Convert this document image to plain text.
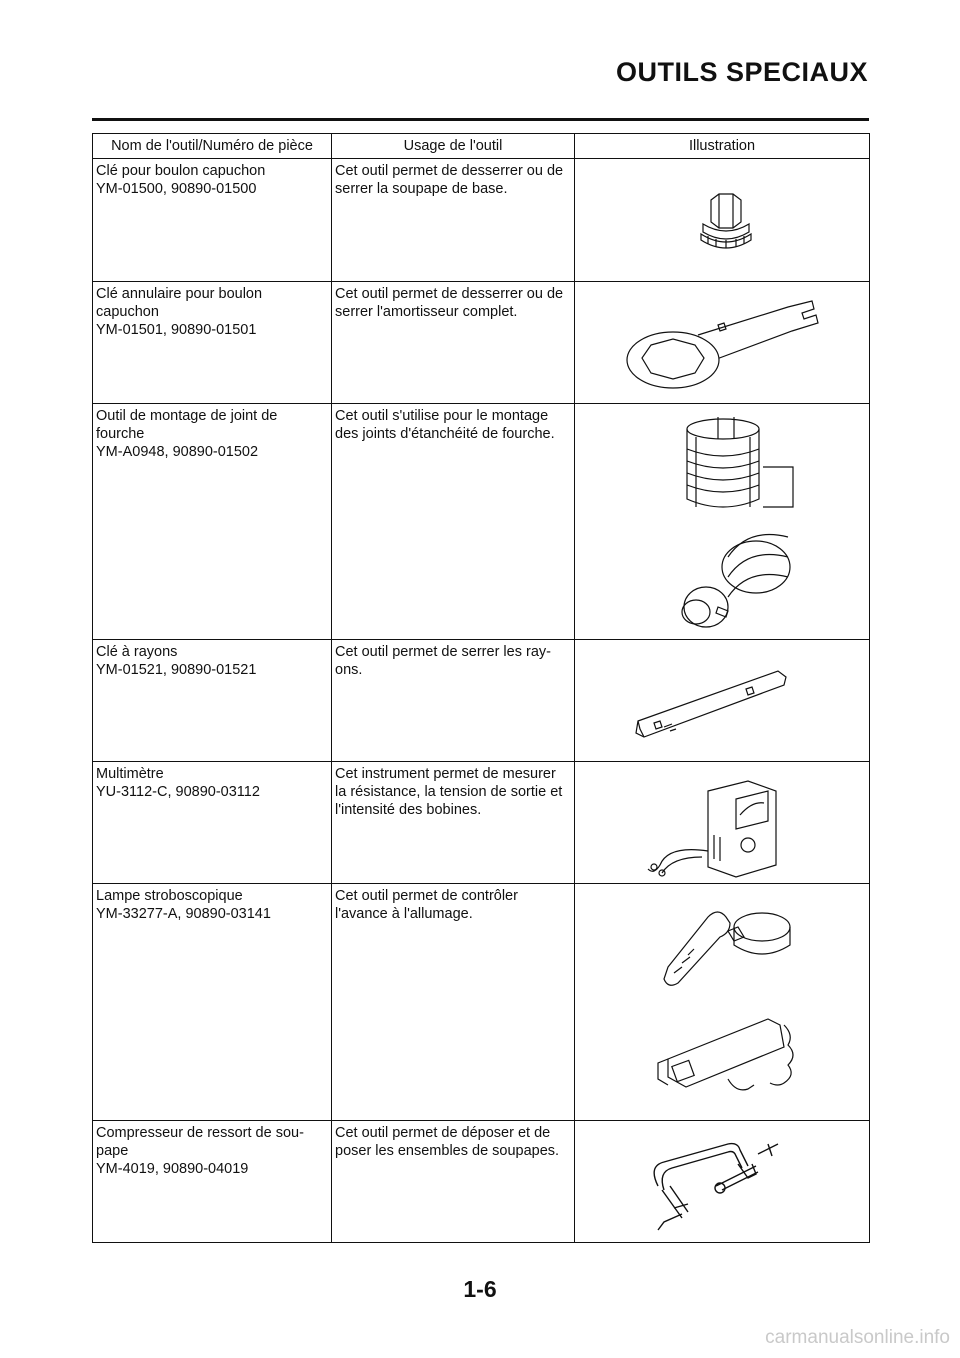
OUTILS SPECIAUX
Nom de l'outil/Numéro de pièce	Usage de l'outil	Illustration

Clé pour boulon capuchon
YM-01500, 90890-01500	Cet outil permet de desserrer ou de
serrer la soupape de base.

Clé annulaire pour boulon capuchon
YM-01501, 90890-01501	Cet outil permet de desserrer ou de
serrer l'amortisseur complet.

Outil de montage de joint de fourche
YM-A0948, 90890-01502	Cet outil s'utilise pour le montage
des joints d'étanchéité de fourche.

Clé à rayons
YM-01521, 90890-01521	Cet outil permet de serrer les ray-
ons.

Multimètre
YU-3112-C, 90890-03112	Cet instrument permet de mesurer
la résistance, la tension de sortie et
l'intensité des bobines.

Lampe stroboscopique
YM-33277-A, 90890-03141	Cet outil permet de contrôler
l'avance à l'allumage.

Compresseur de ressort de sou-
pape
YM-4019, 90890-04019	Cet outil permet de déposer et de
poser les ensembles de soupapes.

1-6
carmanualsonline.info
